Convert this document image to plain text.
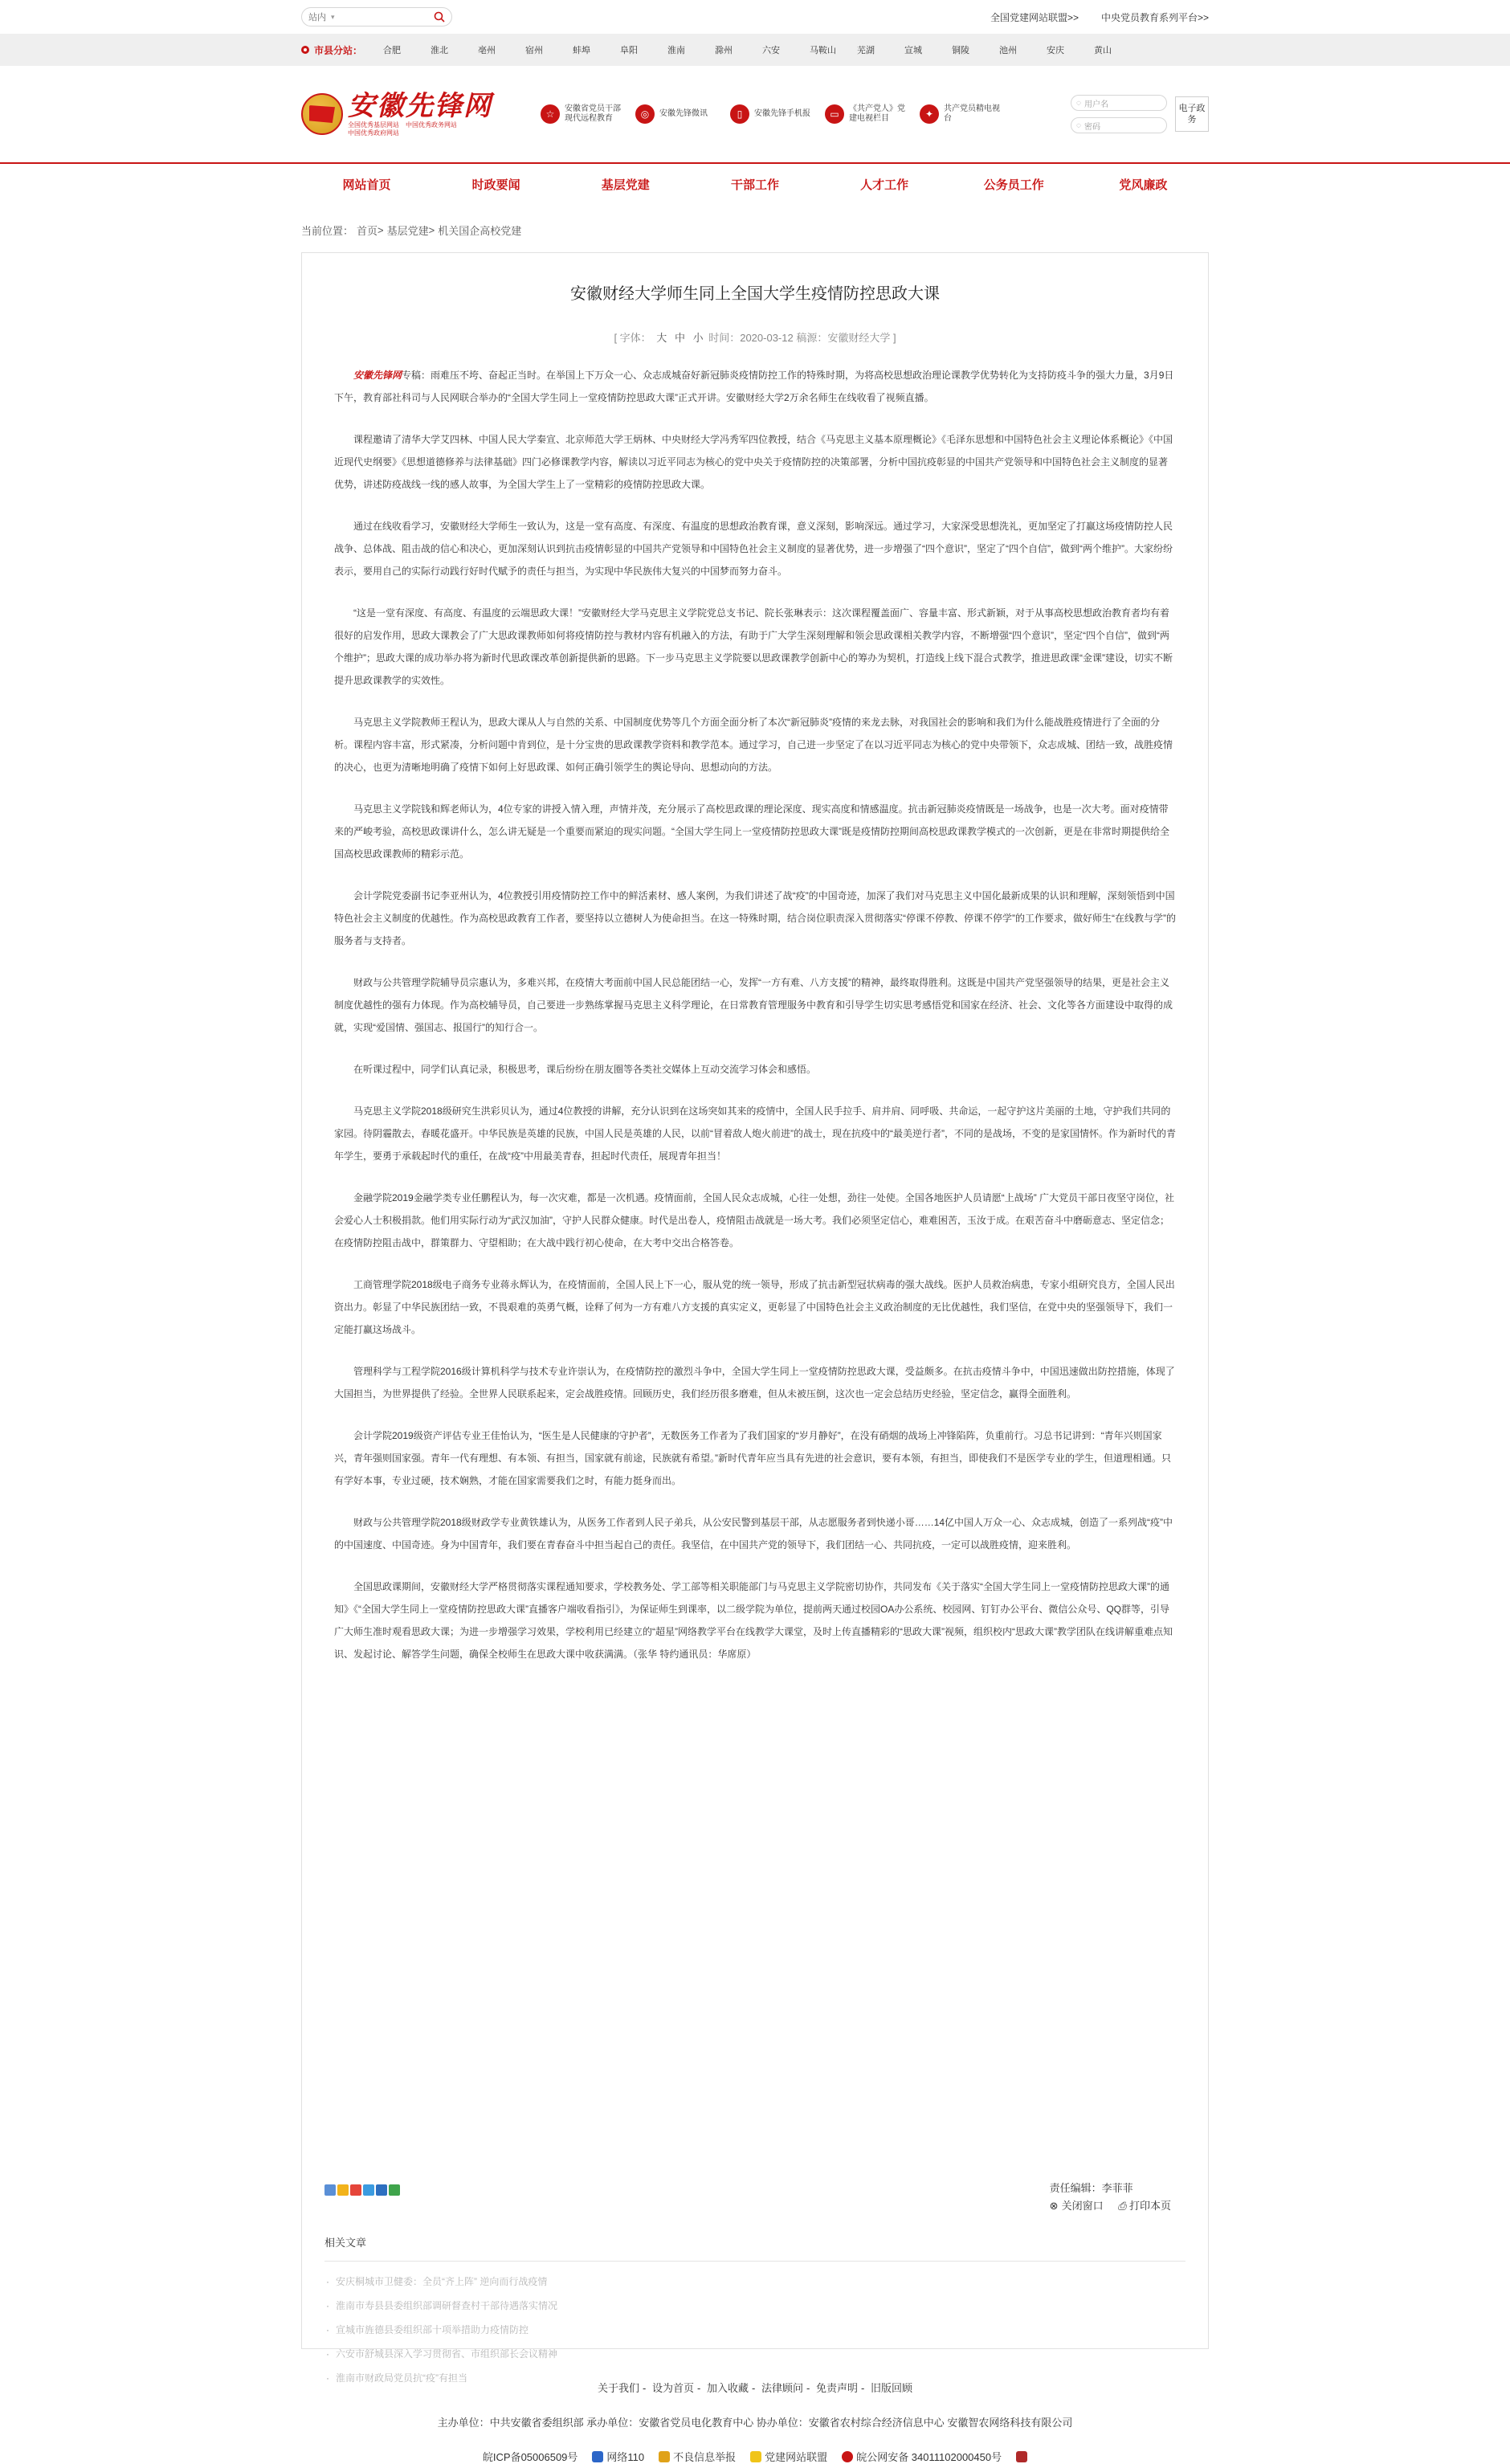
站内 ▾	全国党建网站联盟>> 中央党员教育系列平台>>
市县分站： 合肥	淮北	亳州	宿州	蚌埠	阜阳	淮南	滁州	六安	马鞍山	芜湖	宣城	铜陵	池州	安庆	黄山
安徽先锋网
全国优秀基层网站　中国优秀政务网站
中国优秀政府网站
☆	安徽省党员干部现代远程教育	◎	安徽先锋微讯	▯	安徽先锋手机报	▭	《共产党人》党建电视栏目	✦	共产党员精电视台
◌ 用户名
◌ 密码
电子政务
网站首页	时政要闻	基层党建	干部工作	人才工作	公务员工作	党风廉政
当前位置： 首页 > 基层党建 > 机关国企高校党建
安徽财经大学师生同上全国大学生疫情防控思政大课
[ 字体： 大 中 小 时间：2020-03-12 稿源：安徽财经大学 ]

安徽先锋网专稿：雨难压不垮、奋起正当时。在举国上下万众一心、众志成城奋好新冠肺炎疫情防控工作的特殊时期，为将高校思想政治理论课教学优势转化为支持防疫斗争的强大力量，3月9日下午，教育部社科司与人民网联合举办的“全国大学生同上一堂疫情防控思政大课”正式开讲。安徽财经大学2万余名师生在线收看了视频直播。

课程邀请了清华大学艾四林、中国人民大学秦宣、北京师范大学王炳林、中央财经大学冯秀军四位教授，结合《马克思主义基本原理概论》《毛泽东思想和中国特色社会主义理论体系概论》《中国近现代史纲要》《思想道德修养与法律基础》四门必修课教学内容，解读以习近平同志为核心的党中央关于疫情防控的决策部署，分析中国抗疫彰显的中国共产党领导和中国特色社会主义制度的显著优势，讲述防疫战线一线的感人故事，为全国大学生上了一堂精彩的疫情防控思政大课。

通过在线收看学习，安徽财经大学师生一致认为，这是一堂有高度、有深度、有温度的思想政治教育课，意义深刻，影响深远。通过学习，大家深受思想洗礼，更加坚定了打赢这场疫情防控人民战争、总体战、阻击战的信心和决心，更加深刻认识到抗击疫情彰显的中国共产党领导和中国特色社会主义制度的显著优势，进一步增强了“四个意识”，坚定了“四个自信”，做到“两个维护”。大家纷纷表示，要用自己的实际行动践行好时代赋予的责任与担当，为实现中华民族伟大复兴的中国梦而努力奋斗。

“这是一堂有深度、有高度、有温度的云端思政大课！”安徽财经大学马克思主义学院党总支书记、院长张琳表示：这次课程覆盖面广、容量丰富、形式新颖，对于从事高校思想政治教育者均有着很好的启发作用，思政大课教会了广大思政课教师如何将疫情防控与教材内容有机融入的方法，有助于广大学生深刻理解和领会思政课相关教学内容，不断增强“四个意识”，坚定“四个自信”，做到“两个维护”；思政大课的成功举办将为新时代思政课改革创新提供新的思路。下一步马克思主义学院要以思政课教学创新中心的筹办为契机，打造线上线下混合式教学，推进思政课“金课”建设，切实不断提升思政课教学的实效性。

马克思主义学院教师王程认为，思政大课从人与自然的关系、中国制度优势等几个方面全面分析了本次“新冠肺炎”疫情的来龙去脉，对我国社会的影响和我们为什么能战胜疫情进行了全面的分析。课程内容丰富，形式紧凑，分析问题中肯到位，是十分宝贵的思政课教学资料和教学范本。通过学习，自己进一步坚定了在以习近平同志为核心的党中央带领下，众志成城、团结一致，战胜疫情的决心，也更为清晰地明确了疫情下如何上好思政课、如何正确引领学生的舆论导向、思想动向的方法。

马克思主义学院钱和辉老师认为，4位专家的讲授入情入理，声情并茂，充分展示了高校思政课的理论深度、现实高度和情感温度。抗击新冠肺炎疫情既是一场战争，也是一次大考。面对疫情带来的严峻考验，高校思政课讲什么，怎么讲无疑是一个重要而紧迫的现实问题。“全国大学生同上一堂疫情防控思政大课”既是疫情防控期间高校思政课教学模式的一次创新，更是在非常时期提供给全国高校思政课教师的精彩示范。

会计学院党委副书记李亚州认为，4位教授引用疫情防控工作中的鲜活素材、感人案例，为我们讲述了战“疫”的中国奇迹，加深了我们对马克思主义中国化最新成果的认识和理解，深刻领悟到中国特色社会主义制度的优越性。作为高校思政教育工作者，要坚持以立德树人为使命担当。在这一特殊时期，结合岗位职责深入贯彻落实“停课不停教、停课不停学”的工作要求，做好师生“在线教与学”的服务者与支持者。

财政与公共管理学院辅导员宗惠认为，多难兴邦，在疫情大考面前中国人民总能团结一心，发挥“一方有难、八方支援”的精神，最终取得胜利。这既是中国共产党坚强领导的结果，更是社会主义制度优越性的强有力体现。作为高校辅导员，自己要进一步熟练掌握马克思主义科学理论，在日常教育管理服务中教育和引导学生切实思考感悟党和国家在经济、社会、文化等各方面建设中取得的成就，实现“爱国情、强国志、报国行”的知行合一。

在听课过程中，同学们认真记录，积极思考，课后纷纷在朋友圈等各类社交媒体上互动交流学习体会和感悟。

马克思主义学院2018级研究生洪彩贝认为，通过4位教授的讲解，充分认识到在这场突如其来的疫情中，全国人民手拉手、肩并肩、同呼吸、共命运，一起守护这片美丽的土地，守护我们共同的家园。待阴霾散去，春暖花盛开。中华民族是英雄的民族，中国人民是英雄的人民，以前“冒着敌人炮火前进”的战士，现在抗疫中的“最美逆行者”，不同的是战场，不变的是家国情怀。作为新时代的青年学生，要勇于承载起时代的重任，在战“疫”中用最美青春，担起时代责任，展现青年担当！

金融学院2019金融学类专业任鹏程认为，每一次灾难，都是一次机遇。疫情面前，全国人民众志成城，心往一处想，劲往一处使。全国各地医护人员请愿“上战场” 广大党员干部日夜坚守岗位，社会爱心人士积极捐款。他们用实际行动为“武汉加油”，守护人民群众健康。时代是出卷人，疫情阻击战就是一场大考。我们必须坚定信心，难难困苦，玉汝于成。在艰苦奋斗中磨砺意志、坚定信念；在疫情防控阻击战中，群策群力、守望相助；在大战中践行初心使命，在大考中交出合格答卷。

工商管理学院2018级电子商务专业蒋永辉认为，在疫情面前，全国人民上下一心，服从党的统一领导，形成了抗击新型冠状病毒的强大战线。医护人员救治病患，专家小组研究良方，全国人民出资出力。彰显了中华民族团结一致，不畏艰难的英勇气概，诠释了何为一方有难八方支援的真实定义，更彰显了中国特色社会主义政治制度的无比优越性，我们坚信，在党中央的坚强领导下，我们一定能打赢这场战斗。

管理科学与工程学院2016级计算机科学与技术专业许崇认为，在疫情防控的激烈斗争中，全国大学生同上一堂疫情防控思政大课，受益颇多。在抗击疫情斗争中，中国迅速做出防控措施，体现了大国担当，为世界提供了经验。全世界人民联系起来，定会战胜疫情。回顾历史，我们经历很多磨难，但从未被压倒，这次也一定会总结历史经验，坚定信念，赢得全面胜利。

会计学院2019级资产评估专业王佳怡认为，“医生是人民健康的守护者”，无数医务工作者为了我们国家的“岁月静好”，在没有硝烟的战场上冲锋陷阵，负重前行。习总书记讲到：“青年兴则国家兴，青年强则国家强。青年一代有理想、有本领、有担当，国家就有前途，民族就有希望。”新时代青年应当具有先进的社会意识，要有本领，有担当，即使我们不是医学专业的学生，但道理相通。只有学好本事，专业过硬，技术娴熟，才能在国家需要我们之时，有能力挺身而出。

财政与公共管理学院2018级财政学专业黄铁雄认为，从医务工作者到人民子弟兵，从公安民警到基层干部，从志愿服务者到快递小哥……14亿中国人万众一心、众志成城，创造了一系列战“疫”中的中国速度、中国奇迹。身为中国青年，我们要在青春奋斗中担当起自己的责任。我坚信，在中国共产党的领导下，我们团结一心、共同抗疫，一定可以战胜疫情，迎来胜利。

全国思政课期间，安徽财经大学严格贯彻落实课程通知要求，学校教务处、学工部等相关职能部门与马克思主义学院密切协作，共同发布《关于落实“全国大学生同上一堂疫情防控思政大课”的通知》《“全国大学生同上一堂疫情防控思政大课”直播客户端收看指引》，为保证师生到课率，以二级学院为单位，提前两天通过校园OA办公系统、校园网、钉钉办公平台、微信公众号、QQ群等，引导广大师生准时观看思政大课；为进一步增强学习效果，学校利用已经建立的“超星”网络教学平台在线教学大课堂，及时上传直播精彩的“思政大课”视频，组织校内“思政大课”教学团队在线讲解重难点知识、发起讨论、解答学生问题，确保全校师生在思政大课中收获满满。（张华 特约通讯员：华席原）

责任编辑：李菲菲
⊗ 关闭窗口 ⎙ 打印本页
相关文章
· 安庆桐城市卫健委：全员“齐上阵” 逆向而行战疫情
· 淮南市寿县县委组织部调研督查村干部待遇落实情况
· 宣城市旌德县委组织部十项举措助力疫情防控
· 六安市舒城县深入学习贯彻省、市组织部长会议精神
· 淮南市财政局党员抗“疫”有担当
关于我们 - 设为首页 - 加入收藏 - 法律顾问 - 免责声明 - 旧版回顾
主办单位：中共安徽省委组织部 承办单位：安徽省党员电化教育中心 协办单位：安徽省农村综合经济信息中心 安徽智农网络科技有限公司
皖ICP备05006509号	网络110	不良信息举报	党建网站联盟	皖公网安备 34011102000450号
